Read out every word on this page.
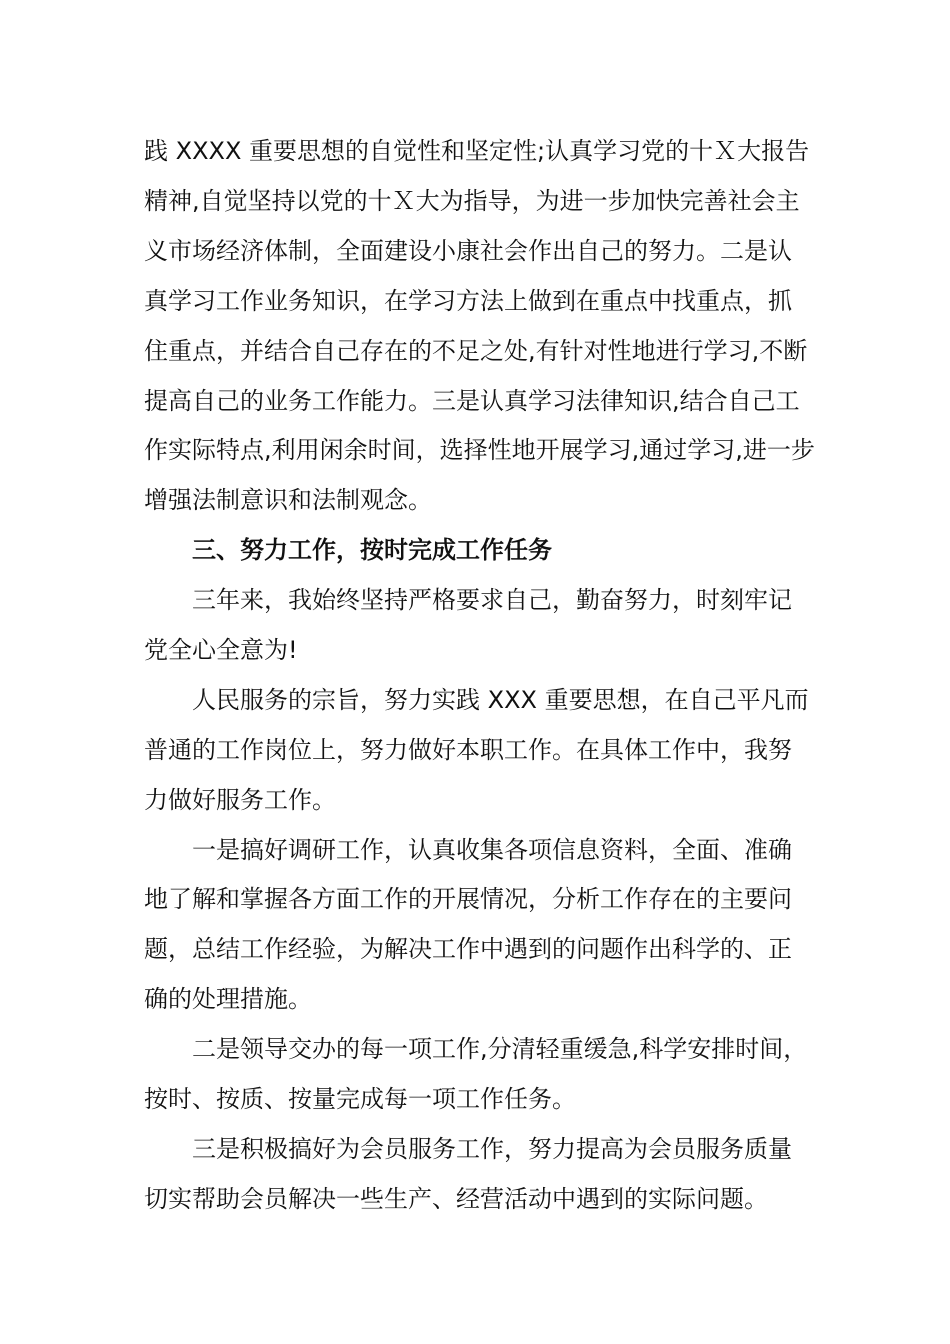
践 XXXX 重要思想的自觉性和坚定性;认真学习党的十Ｘ大报告
精神,自觉坚持以党的十Ｘ大为指导，为进一步加快完善社会主
义市场经济体制，全面建设小康社会作出自己的努力。二是认
真学习工作业务知识，在学习方法上做到在重点中找重点，抓
住重点，并结合自己存在的不足之处,有针对性地进行学习,不断
提高自己的业务工作能力。三是认真学习法律知识,结合自己工
作实际特点,利用闲余时间，选择性地开展学习,通过学习,进一步
增强法制意识和法制观念。
三、努力工作，按时完成工作任务
三年来，我始终坚持严格要求自己，勤奋努力，时刻牢记
党全心全意为!
人民服务的宗旨，努力实践 XXX 重要思想，在自己平凡而
普通的工作岗位上，努力做好本职工作。在具体工作中，我努
力做好服务工作。
一是搞好调研工作，认真收集各项信息资料，全面、准确
地了解和掌握各方面工作的开展情况，分析工作存在的主要问
题，总结工作经验，为解决工作中遇到的问题作出科学的、正
确的处理措施。
二是领导交办的每一项工作,分清轻重缓急,科学安排时间，
按时、按质、按量完成每一项工作任务。
三是积极搞好为会员服务工作，努力提高为会员服务质量
切实帮助会员解决一些生产、经营活动中遇到的实际问题。
